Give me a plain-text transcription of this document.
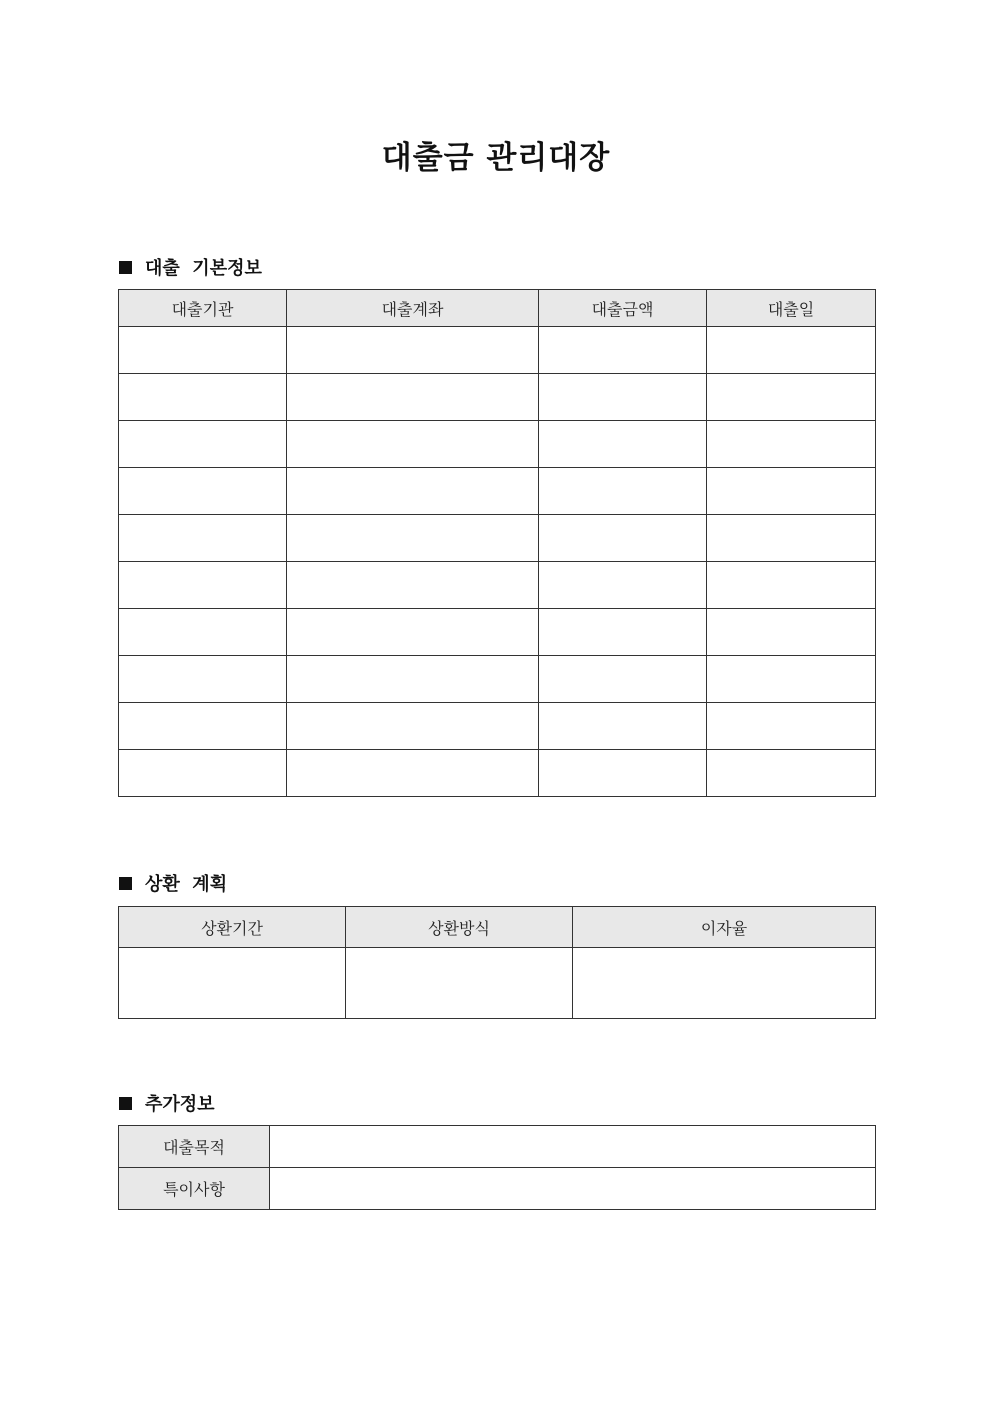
대출금 관리대장
대출  기본정보
대출기관	대출계좌	대출금액	대출일

상환  계획
상환기간	상환방식	이자율

추가정보
대출목적	
특이사항	
